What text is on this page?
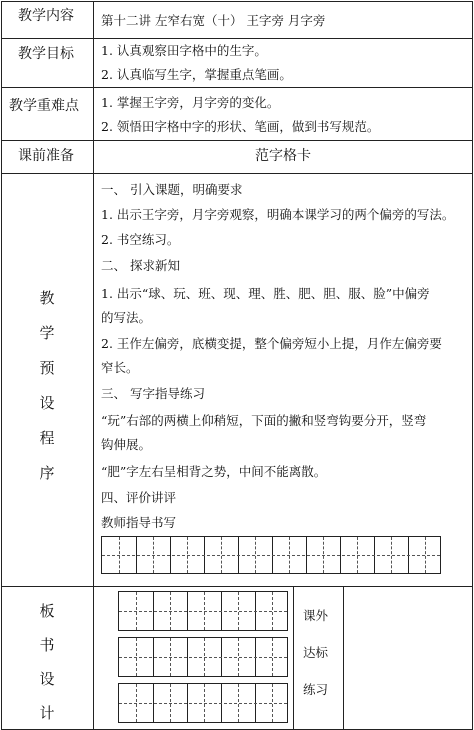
教学内容 第十二讲 左窄右宽（十） 王字旁 月字旁
教学目标 1. 认真观察田字格中的生字。
2. 认真临写生字，掌握重点笔画。
教学重难点 1. 掌握王字旁，月字旁的变化。
2. 领悟田字格中字的形状、笔画，做到书写规范。
课前准备	范字格卡
教
学
预
设
程
序
一、 引入课题，明确要求
1. 出示王字旁，月字旁观察，明确本课学习的两个偏旁的写法。
2. 书空练习。
二、 探求新知
1. 出示“球、玩、班、现、理、胜、肥、胆、服、脸”中偏旁
的写法。
2. 王作左偏旁，底横变提，整个偏旁短小上提，月作左偏旁要
窄长。
三、 写字指导练习
“玩”右部的两横上仰稍短，下面的撇和竖弯钩要分开，竖弯
钩伸展。
“肥”字左右呈相背之势，中间不能离散。
四、评价讲评
教师指导书写
板
书
设
计
课外
达标
练习
